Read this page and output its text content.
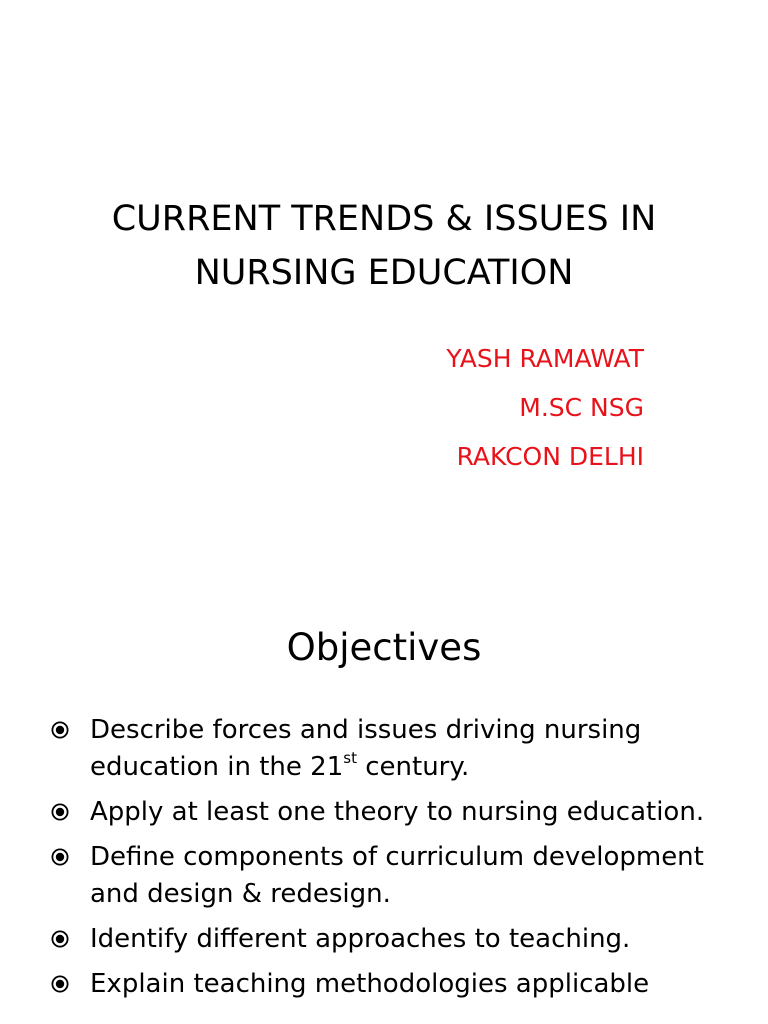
CURRENT TRENDS & ISSUES IN
NURSING EDUCATION
YASH RAMAWAT
M.SC NSG
RAKCON DELHI
Objectives
Describe forces and issues driving nursing education in the 21st century.
Apply at least one theory to nursing education.
Define components of curriculum development and design & redesign.
Identify different approaches to teaching.
Explain teaching methodologies applicable
